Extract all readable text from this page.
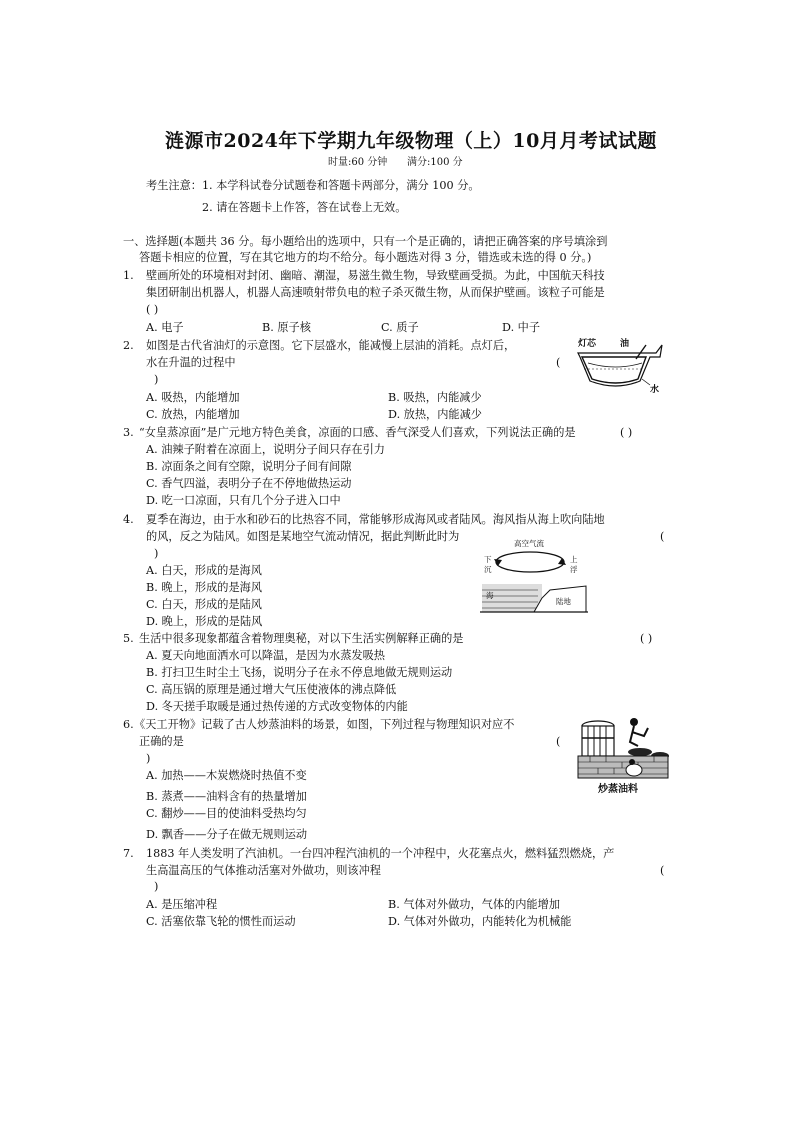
涟源市2024年下学期九年级物理（上）10月月考试试题
时量:60 分钟 满分:100 分
考生注意：1. 本学科试卷分试题卷和答题卡两部分，满分 100 分。
2. 请在答题卡上作答，答在试卷上无效。
一、选择题(本题共 36 分。每小题给出的选项中，只有一个是正确的，请把正确答案的序号填涂到
答题卡相应的位置，写在其它地方的均不给分。每小题选对得 3 分，错选或未选的得 0 分。)
1. 壁画所处的环境相对封闭、幽暗、潮湿，易滋生微生物，导致壁画受损。为此，中国航天科技
集团研制出机器人，机器人高速喷射带负电的粒子杀灭微生物，从而保护壁画。该粒子可能是
( )
A. 电子	B. 原子核	C. 质子	D. 中子
2. 如图是古代省油灯的示意图。它下层盛水，能减慢上层油的消耗。点灯后，
水在升温的过程中	(
)
A. 吸热，内能增加	B. 吸热，内能减少
C. 放热，内能增加	D. 放热，内能减少
灯芯	油
水
3. “女皇蒸凉面”是广元地方特色美食，凉面的口感、香气深受人们喜欢，下列说法正确的是	( )
A. 油辣子附着在凉面上，说明分子间只存在引力
B. 凉面条之间有空隙，说明分子间有间隙
C. 香气四溢，表明分子在不停地做热运动
D. 吃一口凉面，只有几个分子进入口中
4. 夏季在海边，由于水和砂石的比热容不同，常能够形成海风或者陆风。海风指从海上吹向陆地
的风，反之为陆风。如图是某地空气流动情况，据此判断此时为	(
)
A. 白天，形成的是海风
B. 晚上，形成的是海风
C. 白天，形成的是陆风
D. 晚上，形成的是陆风
高空气流
下
沉
上
浮
海
陆地
5. 生活中很多现象都蕴含着物理奥秘，对以下生活实例解释正确的是	( )
A. 夏天向地面洒水可以降温，是因为水蒸发吸热
B. 打扫卫生时尘土飞扬，说明分子在永不停息地做无规则运动
C. 高压锅的原理是通过增大气压使液体的沸点降低
D. 冬天搓手取暖是通过热传递的方式改变物体的内能
6. 《天工开物》记载了古人炒蒸油料的场景，如图，下列过程与物理知识对应不
正确的是	(
)
A. 加热——木炭燃烧时热值不变
B. 蒸煮——油料含有的热量增加
C. 翻炒——目的使油料受热均匀
D. 飘香——分子在做无规则运动
炒蒸油料
7. 1883 年人类发明了汽油机。一台四冲程汽油机的一个冲程中，火花塞点火，燃料猛烈燃烧，产
生高温高压的气体推动活塞对外做功，则该冲程	(
)
A. 是压缩冲程	B. 气体对外做功，气体的内能增加
C. 活塞依靠飞轮的惯性而运动	D. 气体对外做功，内能转化为机械能
